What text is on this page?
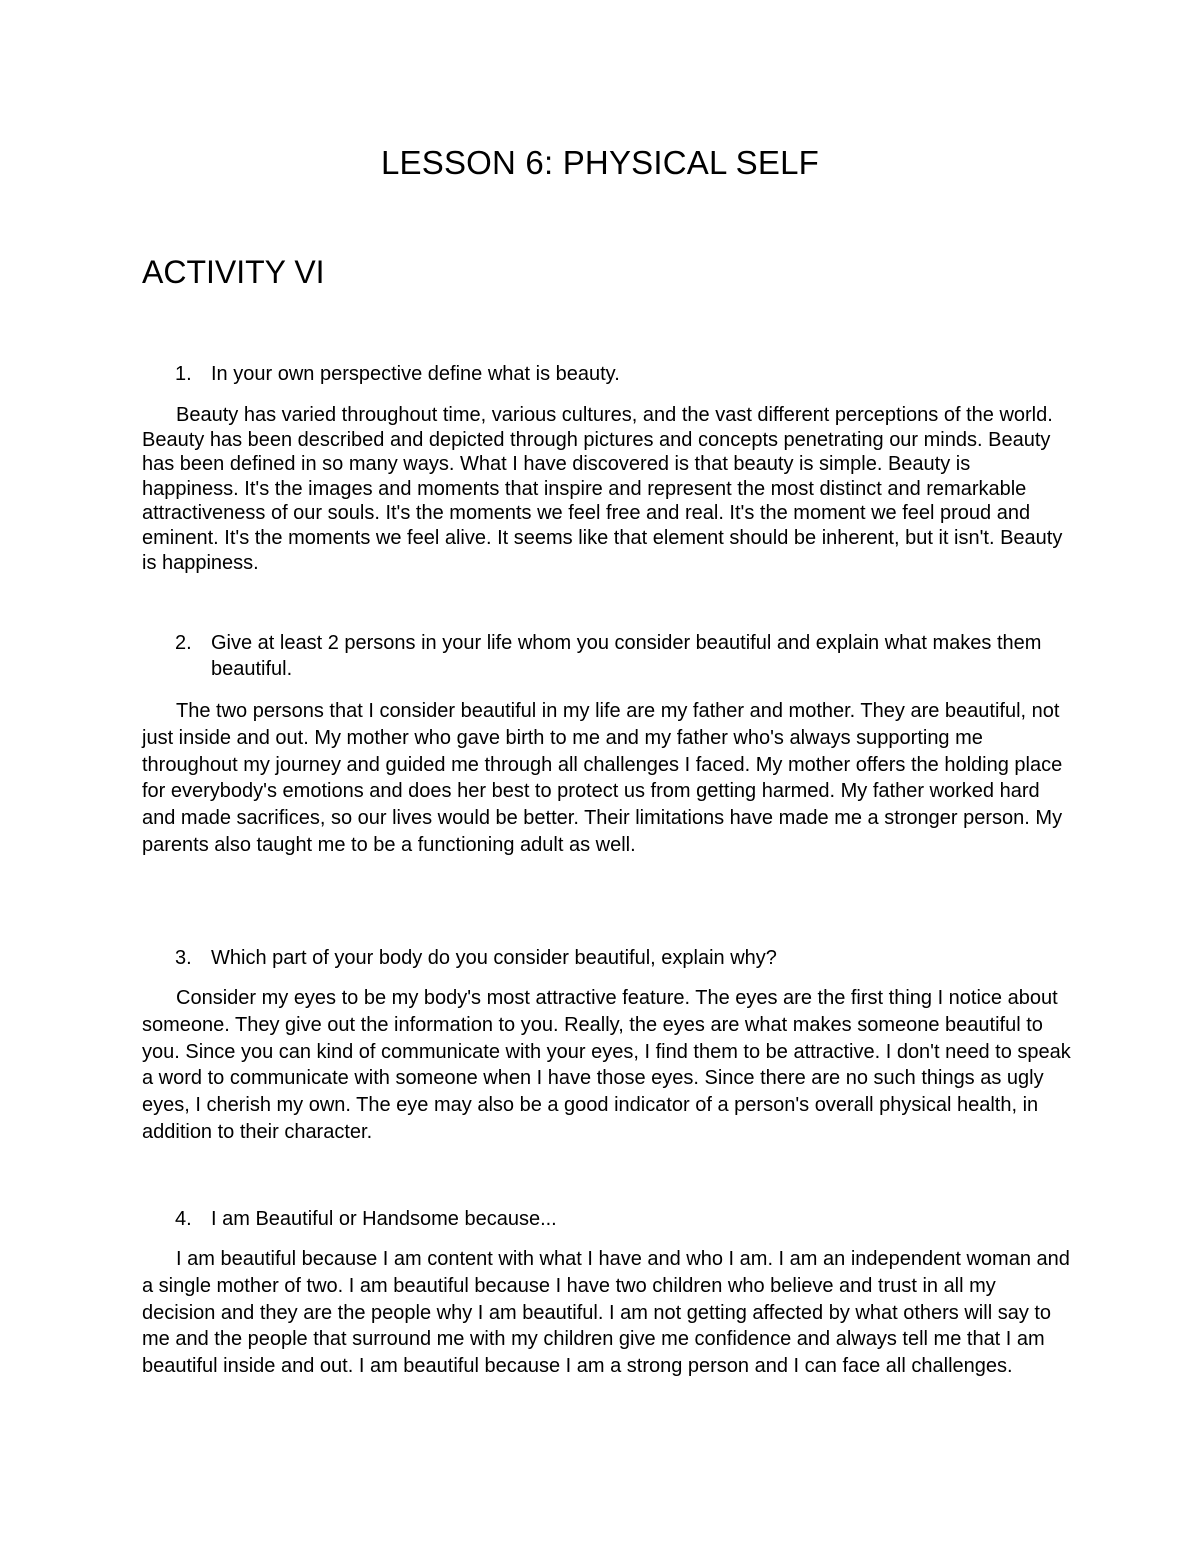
LESSON 6: PHYSICAL SELF
ACTIVITY VI
1. In your own perspective define what is beauty.

Beauty has varied throughout time, various cultures, and the vast different perceptions of the world. Beauty has been described and depicted through pictures and concepts penetrating our minds. Beauty has been defined in so many ways. What I have discovered is that beauty is simple. Beauty is happiness. It's the images and moments that inspire and represent the most distinct and remarkable attractiveness of our souls. It's the moments we feel free and real. It's the moment we feel proud and eminent. It's the moments we feel alive. It seems like that element should be inherent, but it isn't. Beauty is happiness.

2. Give at least 2 persons in your life whom you consider beautiful and explain what makes them beautiful.

The two persons that I consider beautiful in my life are my father and mother. They are beautiful, not just inside and out. My mother who gave birth to me and my father who's always supporting me throughout my journey and guided me through all challenges I faced. My mother offers the holding place for everybody's emotions and does her best to protect us from getting harmed. My father worked hard and made sacrifices, so our lives would be better. Their limitations have made me a stronger person. My parents also taught me to be a functioning adult as well.

3. Which part of your body do you consider beautiful, explain why?

Consider my eyes to be my body's most attractive feature. The eyes are the first thing I notice about someone. They give out the information to you. Really, the eyes are what makes someone beautiful to you. Since you can kind of communicate with your eyes, I find them to be attractive. I don't need to speak a word to communicate with someone when I have those eyes. Since there are no such things as ugly eyes, I cherish my own. The eye may also be a good indicator of a person's overall physical health, in addition to their character.

4. I am Beautiful or Handsome because...

I am beautiful because I am content with what I have and who I am. I am an independent woman and a single mother of two. I am beautiful because I have two children who believe and trust in all my decision and they are the people why I am beautiful. I am not getting affected by what others will say to me and the people that surround me with my children give me confidence and always tell me that I am beautiful inside and out. I am beautiful because I am a strong person and I can face all challenges.
